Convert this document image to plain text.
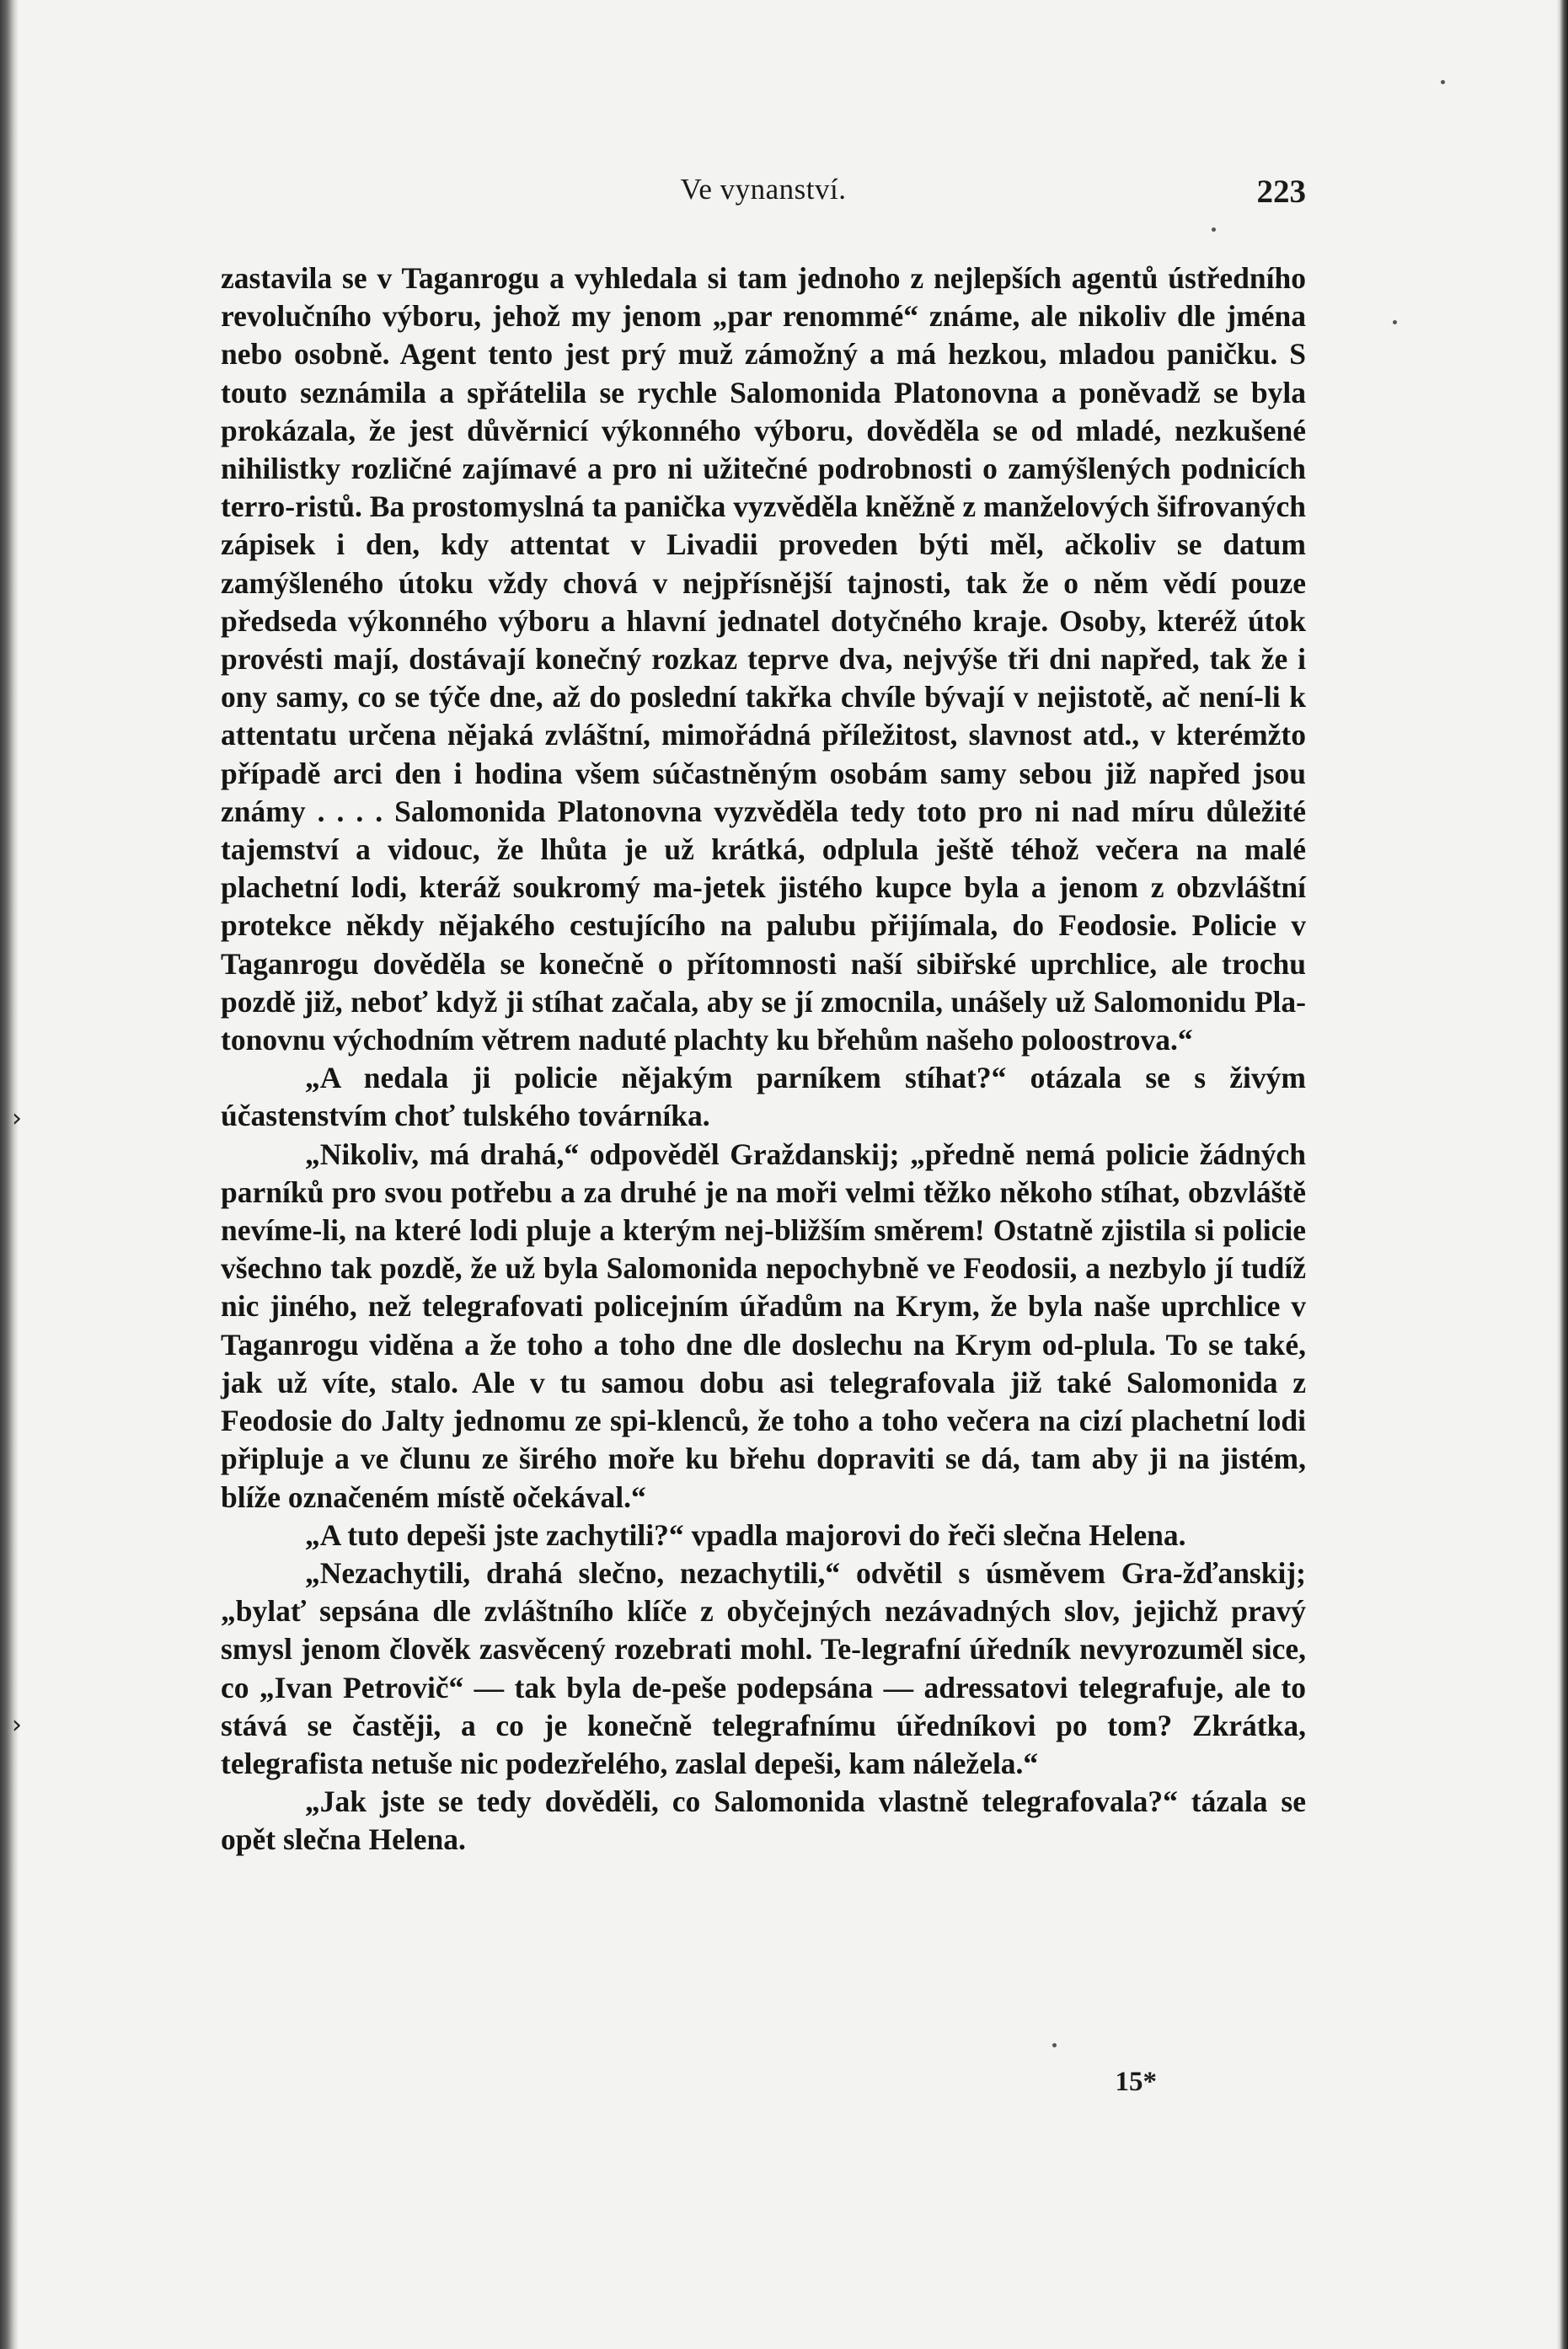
›
›
Ve vynanství.	223

zastavila se v Taganrogu a vyhledala si tam jednoho z nejlepších agentů ústředního revolučního výboru, jehož my jenom „par renommé“ známe, ale nikoliv dle jména nebo osobně. Agent tento jest prý muž zámožný a má hezkou, mladou paničku. S touto seznámila a spřátelila se rychle Salomonida Platonovna a poněvadž se byla prokázala, že jest důvěrnicí výkonného výboru, dověděla se od mladé, nezkušené nihilistky rozličné zajímavé a pro ni užitečné podrobnosti o zamýšlených podnicích terro-ristů. Ba prostomyslná ta panička vyzvěděla kněžně z manželových šifrovaných zápisek i den, kdy attentat v Livadii proveden býti měl, ačkoliv se datum zamýšleného útoku vždy chová v nejpřísnější tajnosti, tak že o něm vědí pouze předseda výkonného výboru a hlavní jednatel dotyčného kraje. Osoby, kteréž útok provésti mají, dostávají konečný rozkaz teprve dva, nejvýše tři dni napřed, tak že i ony samy, co se týče dne, až do poslední takřka chvíle bývají v nejistotě, ač není-li k attentatu určena nějaká zvláštní, mimořádná příležitost, slavnost atd., v kterémžto případě arci den i hodina všem súčastněným osobám samy sebou již napřed jsou známy . . . . Salomonida Platonovna vyzvěděla tedy toto pro ni nad míru důležité tajemství a vidouc, že lhůta je už krátká, odplula ještě téhož večera na malé plachetní lodi, kteráž soukromý ma-jetek jistého kupce byla a jenom z obzvláštní protekce někdy nějakého cestujícího na palubu přijímala, do Feodosie. Policie v Taganrogu dověděla se konečně o přítomnosti naší sibiřské uprchlice, ale trochu pozdě již, neboť když ji stíhat začala, aby se jí zmocnila, unášely už Salomonidu Pla-tonovnu východním větrem naduté plachty ku břehům našeho poloostrova.“

„A nedala ji policie nějakým parníkem stíhat?“ otázala se s živým účastenstvím choť tulského továrníka.

„Nikoliv, má drahá,“ odpověděl Graždanskij; „předně nemá policie žádných parníků pro svou potřebu a za druhé je na moři velmi těžko někoho stíhat, obzvláště nevíme-li, na které lodi pluje a kterým nej-bližším směrem! Ostatně zjistila si policie všechno tak pozdě, že už byla Salomonida nepochybně ve Feodosii, a nezbylo jí tudíž nic jiného, než telegrafovati policejním úřadům na Krym, že byla naše uprchlice v Taganrogu viděna a že toho a toho dne dle doslechu na Krym od-plula. To se také, jak už víte, stalo. Ale v tu samou dobu asi telegrafovala již také Salomonida z Feodosie do Jalty jednomu ze spi-klenců, že toho a toho večera na cizí plachetní lodi připluje a ve člunu ze širého moře ku břehu dopraviti se dá, tam aby ji na jistém, blíže označeném místě očekával.“

„A tuto depeši jste zachytili?“ vpadla majorovi do řeči slečna Helena.

„Nezachytili, drahá slečno, nezachytili,“ odvětil s úsměvem Gra-žďanskij; „bylať sepsána dle zvláštního klíče z obyčejných nezávadných slov, jejichž pravý smysl jenom člověk zasvěcený rozebrati mohl. Te-legrafní úředník nevyrozuměl sice, co „Ivan Petrovič“ — tak byla de-peše podepsána — adressatovi telegrafuje, ale to stává se častěji, a co je konečně telegrafnímu úředníkovi po tom? Zkrátka, telegrafista netuše nic podezřelého, zaslal depeši, kam náležela.“

„Jak jste se tedy dověděli, co Salomonida vlastně telegrafovala?“ tázala se opět slečna Helena.

15*
